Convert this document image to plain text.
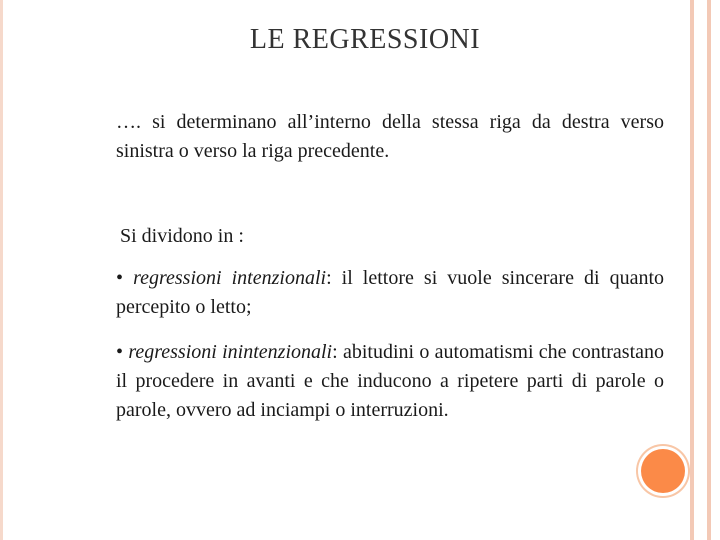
LE REGRESSIONI

…. si determinano all’interno della stessa riga da destra verso sinistra o verso la riga precedente.

Si dividono in :

• regressioni intenzionali: il lettore si vuole sincerare di quanto percepito o letto;

• regressioni inintenzionali: abitudini o automatismi che contrastano il procedere in avanti e che inducono a ripetere parti di parole o parole, ovvero ad inciampi o interruzioni.
